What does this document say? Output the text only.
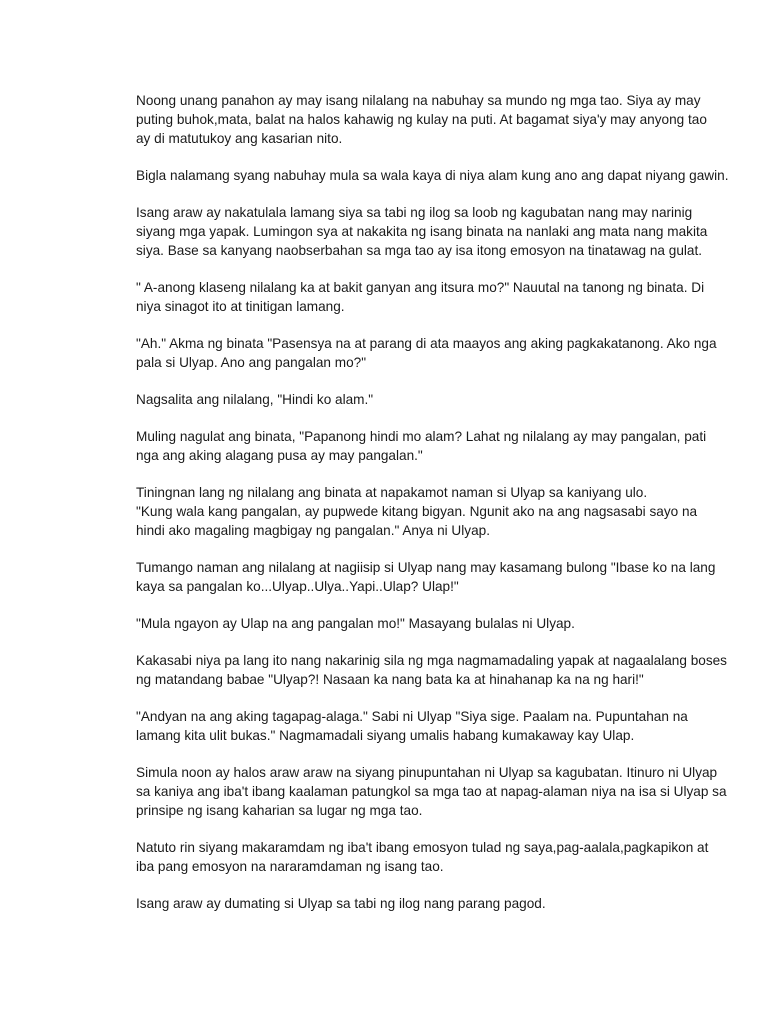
Noong unang panahon ay may isang nilalang na nabuhay sa mundo ng mga tao. Siya ay may
puting buhok,mata, balat na halos kahawig ng kulay na puti. At bagamat siya'y may anyong tao
ay di matutukoy ang kasarian nito.

Bigla nalamang syang nabuhay mula sa wala kaya di niya alam kung ano ang dapat niyang gawin.

Isang araw ay nakatulala lamang siya sa tabi ng ilog sa loob ng kagubatan nang may narinig
siyang mga yapak. Lumingon sya at nakakita ng isang binata na nanlaki ang mata nang makita
siya. Base sa kanyang naobserbahan sa mga tao ay isa itong emosyon na tinatawag na gulat.

" A-anong klaseng nilalang ka at bakit ganyan ang itsura mo?" Nauutal na tanong ng binata. Di
niya sinagot ito at tinitigan lamang.

"Ah." Akma ng binata "Pasensya na at parang di ata maayos ang aking pagkakatanong. Ako nga
pala si Ulyap. Ano ang pangalan mo?"

Nagsalita ang nilalang, "Hindi ko alam."

Muling nagulat ang binata, "Papanong hindi mo alam? Lahat ng nilalang ay may pangalan, pati
nga ang aking alagang pusa ay may pangalan."

Tiningnan lang ng nilalang ang binata at napakamot naman si Ulyap sa kaniyang ulo.
"Kung wala kang pangalan, ay pupwede kitang bigyan. Ngunit ako na ang nagsasabi sayo na
hindi ako magaling magbigay ng pangalan." Anya ni Ulyap.

Tumango naman ang nilalang at nagiisip si Ulyap nang may kasamang bulong "Ibase ko na lang
kaya sa pangalan ko...Ulyap..Ulya..Yapi..Ulap? Ulap!"

"Mula ngayon ay Ulap na ang pangalan mo!" Masayang bulalas ni Ulyap.

Kakasabi niya pa lang ito nang nakarinig sila ng mga nagmamadaling yapak at nagaalalang boses
ng matandang babae "Ulyap?! Nasaan ka nang bata ka at hinahanap ka na ng hari!"

"Andyan na ang aking tagapag-alaga." Sabi ni Ulyap "Siya sige. Paalam na. Pupuntahan na
lamang kita ulit bukas." Nagmamadali siyang umalis habang kumakaway kay Ulap.

Simula noon ay halos araw araw na siyang pinupuntahan ni Ulyap sa kagubatan. Itinuro ni Ulyap
sa kaniya ang iba't ibang kaalaman patungkol sa mga tao at napag-alaman niya na isa si Ulyap sa
prinsipe ng isang kaharian sa lugar ng mga tao.

Natuto rin siyang makaramdam ng iba't ibang emosyon tulad ng saya,pag-aalala,pagkapikon at
iba pang emosyon na nararamdaman ng isang tao.

Isang araw ay dumating si Ulyap sa tabi ng ilog nang parang pagod.
